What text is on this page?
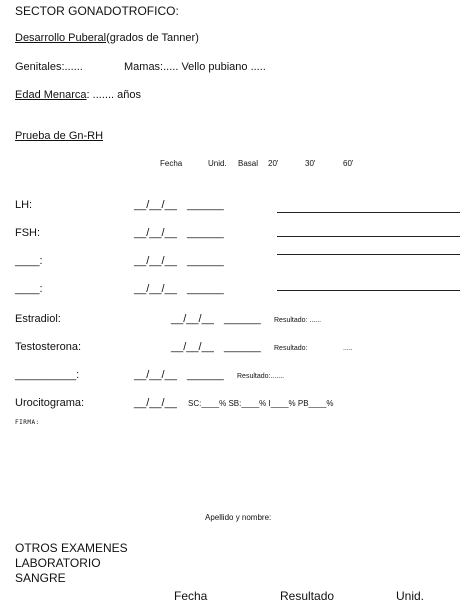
SECTOR GONADOTROFICO:
Desarrollo Puberal(grados de Tanner)
Genitales:......	Mamas:..... Vello pubiano .....
Edad Menarca: ....... años
Prueba de Gn-RH
Fecha	Unid. Basal 20'	30'	60'
LH:	__/__/__ ______
FSH:	__/__/__ ______
____:	__/__/__ ______
____:	__/__/__ ______
Estradiol:	__/__/__ ______ Resultado: ......
Testosterona:	__/__/__ ______ Resultado:	.....
__________:	__/__/__ ______ Resultado:.......
Urocitograma:	__/__/__ SC:____% SB:____% I____% PB____%
FIRMA:
Apellido y nombre:
OTROS EXAMENES
LABORATORIO
SANGRE
Fecha	Resultado	Unid.
